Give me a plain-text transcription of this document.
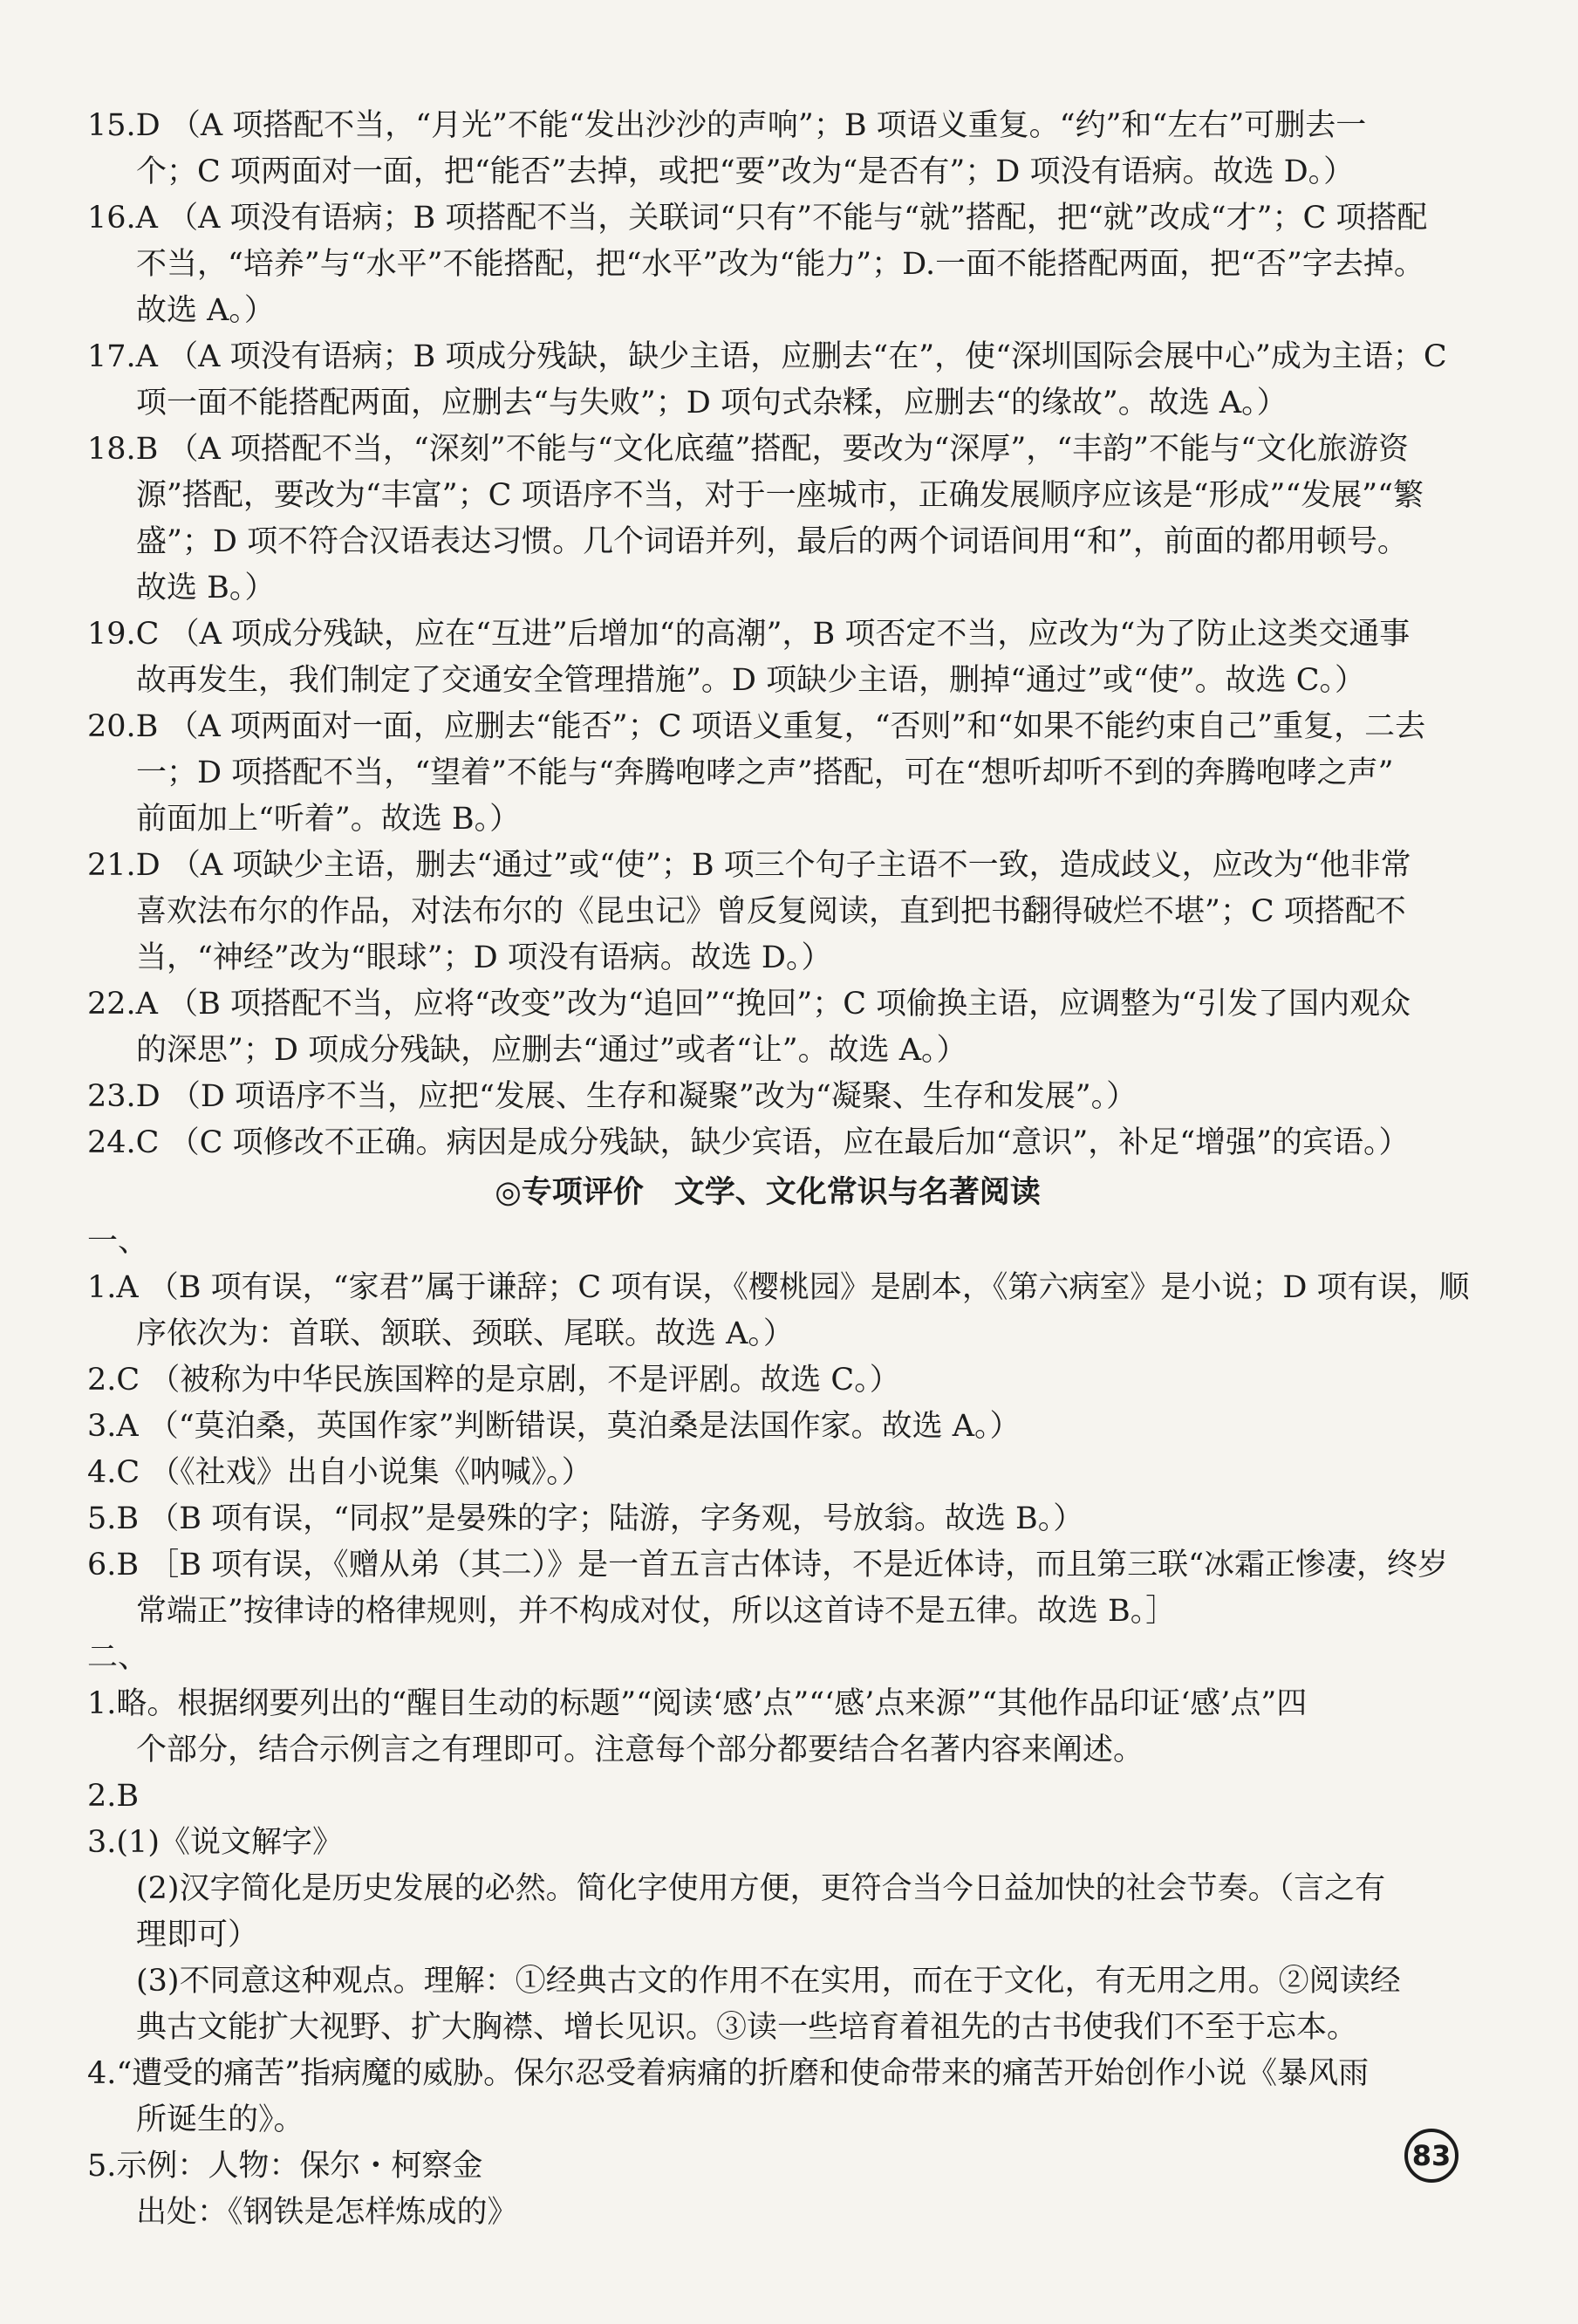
15.D （A 项搭配不当，“月光”不能“发出沙沙的声响”；B 项语义重复。“约”和“左右”可删去一
个；C 项两面对一面，把“能否”去掉，或把“要”改为“是否有”；D 项没有语病。故选 D。）
16.A （A 项没有语病；B 项搭配不当，关联词“只有”不能与“就”搭配，把“就”改成“才”；C 项搭配
不当，“培养”与“水平”不能搭配，把“水平”改为“能力”；D.一面不能搭配两面，把“否”字去掉。
故选 A。）
17.A （A 项没有语病；B 项成分残缺，缺少主语，应删去“在”，使“深圳国际会展中心”成为主语；C
项一面不能搭配两面，应删去“与失败”；D 项句式杂糅，应删去“的缘故”。故选 A。）
18.B （A 项搭配不当，“深刻”不能与“文化底蕴”搭配，要改为“深厚”，“丰韵”不能与“文化旅游资
源”搭配，要改为“丰富”；C 项语序不当，对于一座城市，正确发展顺序应该是“形成”“发展”“繁
盛”；D 项不符合汉语表达习惯。几个词语并列，最后的两个词语间用“和”，前面的都用顿号。
故选 B。）
19.C （A 项成分残缺，应在“互进”后增加“的高潮”，B 项否定不当，应改为“为了防止这类交通事
故再发生，我们制定了交通安全管理措施”。D 项缺少主语，删掉“通过”或“使”。故选 C。）
20.B （A 项两面对一面，应删去“能否”；C 项语义重复，“否则”和“如果不能约束自己”重复，二去
一；D 项搭配不当，“望着”不能与“奔腾咆哮之声”搭配，可在“想听却听不到的奔腾咆哮之声”
前面加上“听着”。故选 B。）
21.D （A 项缺少主语，删去“通过”或“使”；B 项三个句子主语不一致，造成歧义，应改为“他非常
喜欢法布尔的作品，对法布尔的《昆虫记》曾反复阅读，直到把书翻得破烂不堪”；C 项搭配不
当，“神经”改为“眼球”；D 项没有语病。故选 D。）
22.A （B 项搭配不当，应将“改变”改为“追回”“挽回”；C 项偷换主语，应调整为“引发了国内观众
的深思”；D 项成分残缺，应删去“通过”或者“让”。故选 A。）
23.D （D 项语序不当，应把“发展、生存和凝聚”改为“凝聚、生存和发展”。）
24.C （C 项修改不正确。病因是成分残缺，缺少宾语，应在最后加“意识”，补足“增强”的宾语。）
◎专项评价　文学、文化常识与名著阅读
一、
1.A （B 项有误，“家君”属于谦辞；C 项有误，《樱桃园》是剧本，《第六病室》是小说；D 项有误，顺
序依次为：首联、颔联、颈联、尾联。故选 A。）
2.C （被称为中华民族国粹的是京剧，不是评剧。故选 C。）
3.A （“莫泊桑，英国作家”判断错误，莫泊桑是法国作家。故选 A。）
4.C （《社戏》出自小说集《呐喊》。）
5.B （B 项有误，“同叔”是晏殊的字；陆游，字务观，号放翁。故选 B。）
6.B ［B 项有误，《赠从弟（其二）》是一首五言古体诗，不是近体诗，而且第三联“冰霜正惨凄，终岁
常端正”按律诗的格律规则，并不构成对仗，所以这首诗不是五律。故选 B。］
二、
1.略。根据纲要列出的“醒目生动的标题”“阅读‘感’点”“‘感’点来源”“其他作品印证‘感’点”四
个部分，结合示例言之有理即可。注意每个部分都要结合名著内容来阐述。
2.B
3.(1)《说文解字》
(2)汉字简化是历史发展的必然。简化字使用方便，更符合当今日益加快的社会节奏。（言之有
理即可）
(3)不同意这种观点。理解：①经典古文的作用不在实用，而在于文化，有无用之用。②阅读经
典古文能扩大视野、扩大胸襟、增长见识。③读一些培育着祖先的古书使我们不至于忘本。
4.“遭受的痛苦”指病魔的威胁。保尔忍受着病痛的折磨和使命带来的痛苦开始创作小说《暴风雨
所诞生的》。
5.示例：人物：保尔・柯察金
出处：《钢铁是怎样炼成的》
83
